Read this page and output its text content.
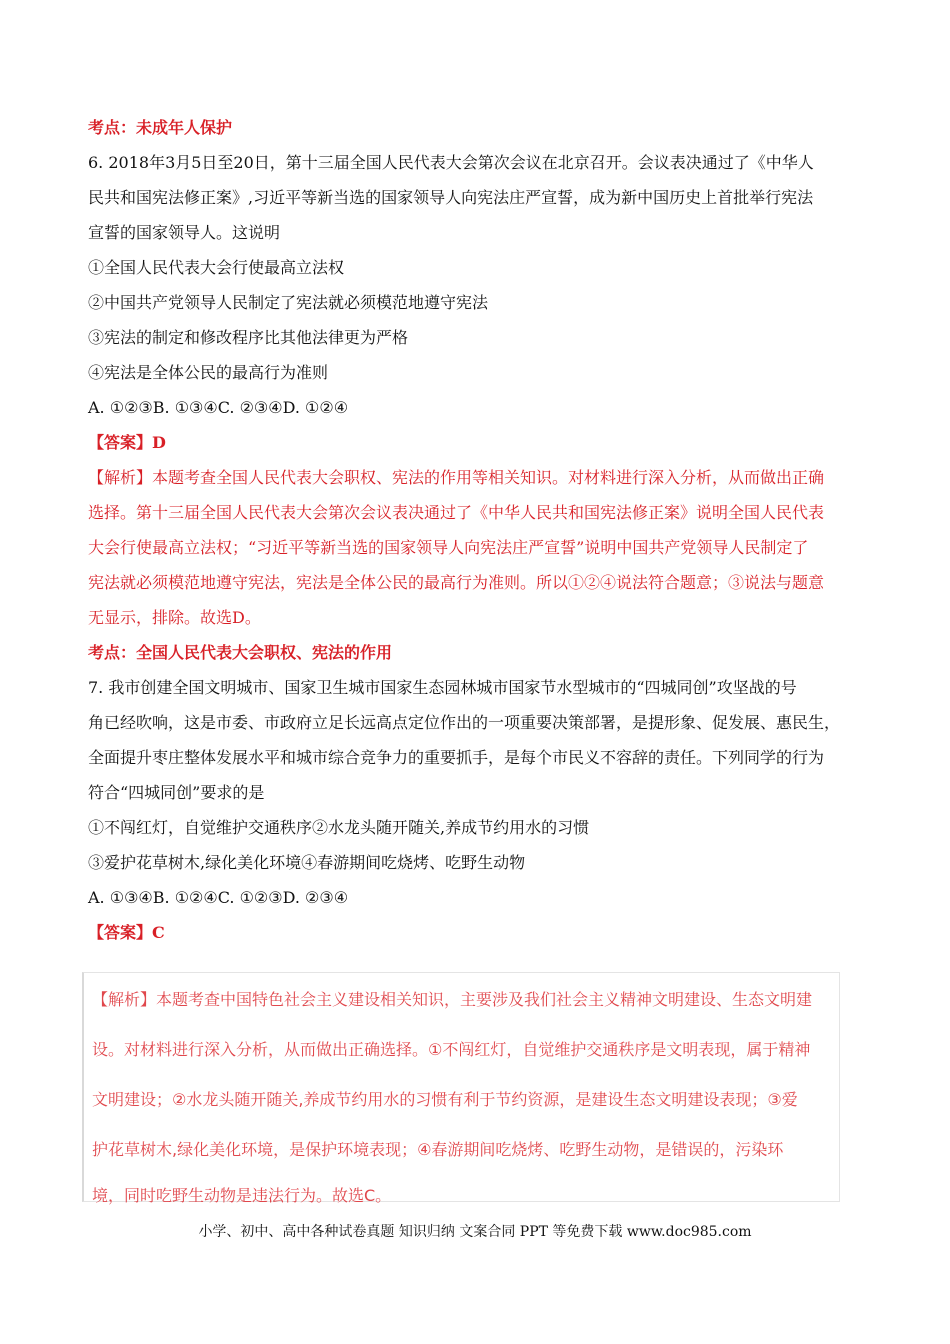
考点：未成年人保护

6. 2018年3月5日至20日，第十三届全国人民代表大会第次会议在北京召开。会议表决通过了《中华人

民共和国宪法修正案》,习近平等新当选的国家领导人向宪法庄严宣誓，成为新中国历史上首批举行宪法

宣誓的国家领导人。这说明

①全国人民代表大会行使最高立法权

②中国共产党领导人民制定了宪法就必须模范地遵守宪法

③宪法的制定和修改程序比其他法律更为严格

④宪法是全体公民的最高行为准则

A. ①②③B. ①③④C. ②③④D. ①②④

【答案】D

【解析】本题考查全国人民代表大会职权、宪法的作用等相关知识。对材料进行深入分析，从而做出正确

选择。第十三届全国人民代表大会第次会议表决通过了《中华人民共和国宪法修正案》说明全国人民代表

大会行使最高立法权；“习近平等新当选的国家领导人向宪法庄严宣誓”说明中国共产党领导人民制定了

宪法就必须模范地遵守宪法，宪法是全体公民的最高行为准则。所以①②④说法符合题意；③说法与题意

无显示，排除。故选D。

考点：全国人民代表大会职权、宪法的作用

7. 我市创建全国文明城市、国家卫生城市国家生态园林城市国家节水型城市的“四城同创”攻坚战的号

角已经吹响，这是市委、市政府立足长远高点定位作出的一项重要决策部署，是提形象、促发展、惠民生，

全面提升枣庄整体发展水平和城市综合竞争力的重要抓手，是每个市民义不容辞的责任。下列同学的行为

符合“四城同创”要求的是

①不闯红灯，自觉维护交通秩序②水龙头随开随关,养成节约用水的习惯

③爱护花草树木,绿化美化环境④春游期间吃烧烤、吃野生动物

A. ①③④B. ①②④C. ①②③D. ②③④

【答案】C

【解析】本题考查中国特色社会主义建设相关知识，主要涉及我们社会主义精神文明建设、生态文明建

设。对材料进行深入分析，从而做出正确选择。①不闯红灯，自觉维护交通秩序是文明表现，属于精神

文明建设；②水龙头随开随关,养成节约用水的习惯有利于节约资源，是建设生态文明建设表现；③爱

护花草树木,绿化美化环境，是保护环境表现；④春游期间吃烧烤、吃野生动物，是错误的，污染环

境，同时吃野生动物是违法行为。故选C。

小学、初中、高中各种试卷真题 知识归纳 文案合同 PPT 等免费下载 www.doc985.com
